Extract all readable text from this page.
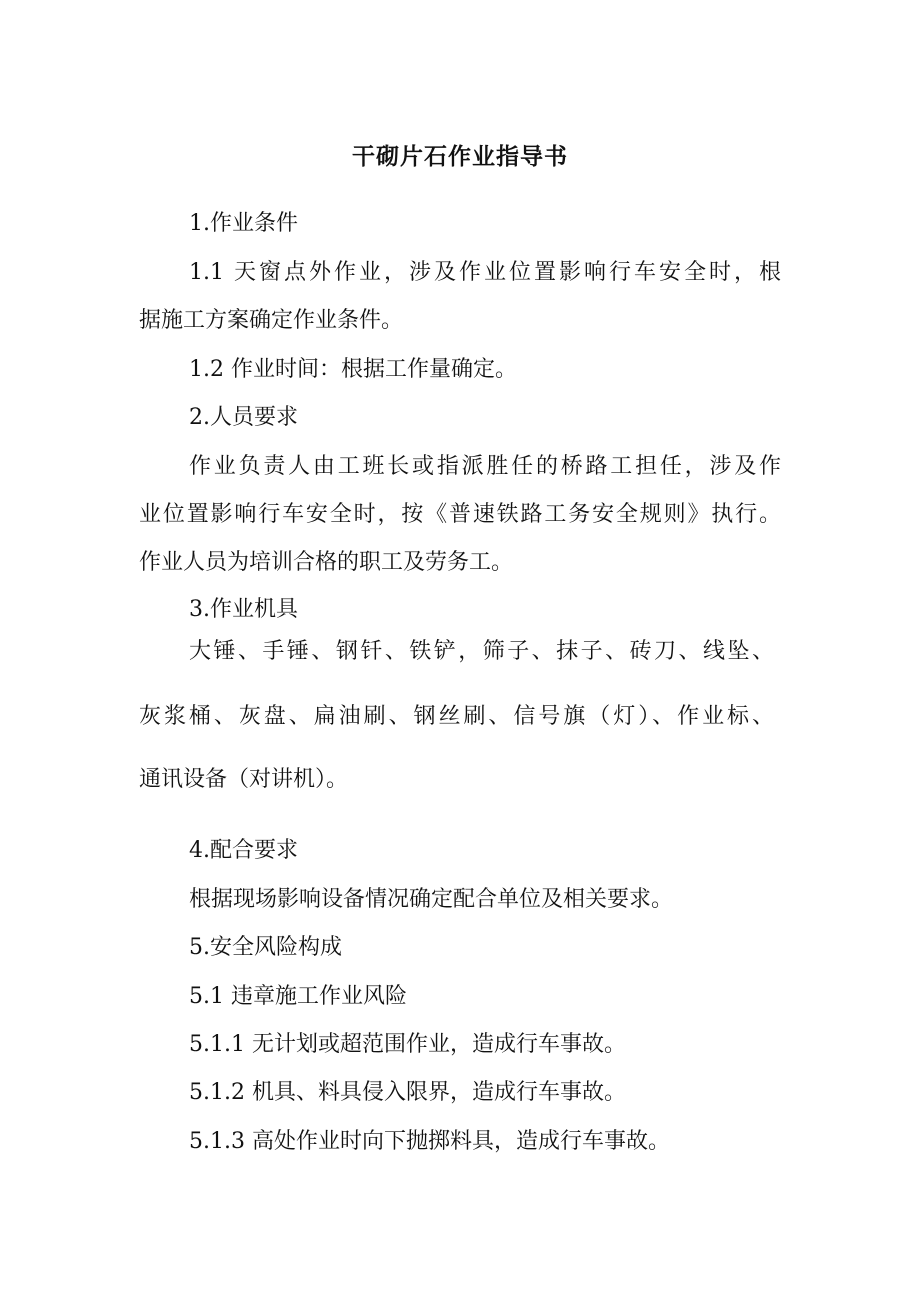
干砌片石作业指导书
1.作业条件
1.1 天窗点外作业，涉及作业位置影响行车安全时，根
据施工方案确定作业条件。
1.2 作业时间：根据工作量确定。
2.人员要求
作业负责人由工班长或指派胜任的桥路工担任，涉及作
业位置影响行车安全时，按《普速铁路工务安全规则》执行。
作业人员为培训合格的职工及劳务工。
3.作业机具
大锤、手锤、钢钎、铁铲，筛子、抹子、砖刀、线坠、
灰浆桶、灰盘、扁油刷、钢丝刷、信号旗（灯）、作业标、
通讯设备（对讲机）。
4.配合要求
根据现场影响设备情况确定配合单位及相关要求。
5.安全风险构成
5.1 违章施工作业风险
5.1.1 无计划或超范围作业，造成行车事故。
5.1.2 机具、料具侵入限界，造成行车事故。
5.1.3 高处作业时向下抛掷料具，造成行车事故。
